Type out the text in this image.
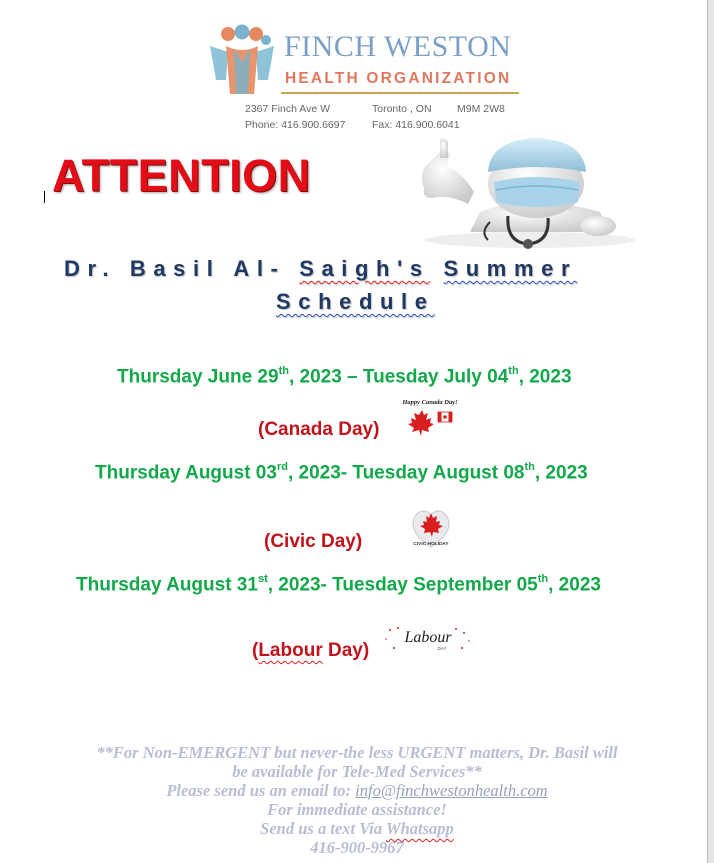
FINCH WESTON
HEALTH ORGANIZATION
2367 Finch Ave W	Toronto , ON M9M 2W8
Phone: 416.900.6697	Fax: 416.900.6041
ATTENTION
Dr. Basil Al- Saigh's Summer
Schedule
Thursday June 29th, 2023 – Tuesday July 04th, 2023
(Canada Day)
Happy Canada Day!
Thursday August 03rd, 2023- Tuesday August 08th, 2023
(Civic Day)	CIVIC HOLIDAY
Thursday August 31st, 2023- Tuesday September 05th, 2023
(Labour Day)
Labour
DAY
**For Non-EMERGENT but never-the less URGENT matters, Dr. Basil will
be available for Tele-Med Services**
Please send us an email to: info@finchwestonhealth.com
For immediate assistance!
Send us a text Via Whatsapp
416-900-9967
